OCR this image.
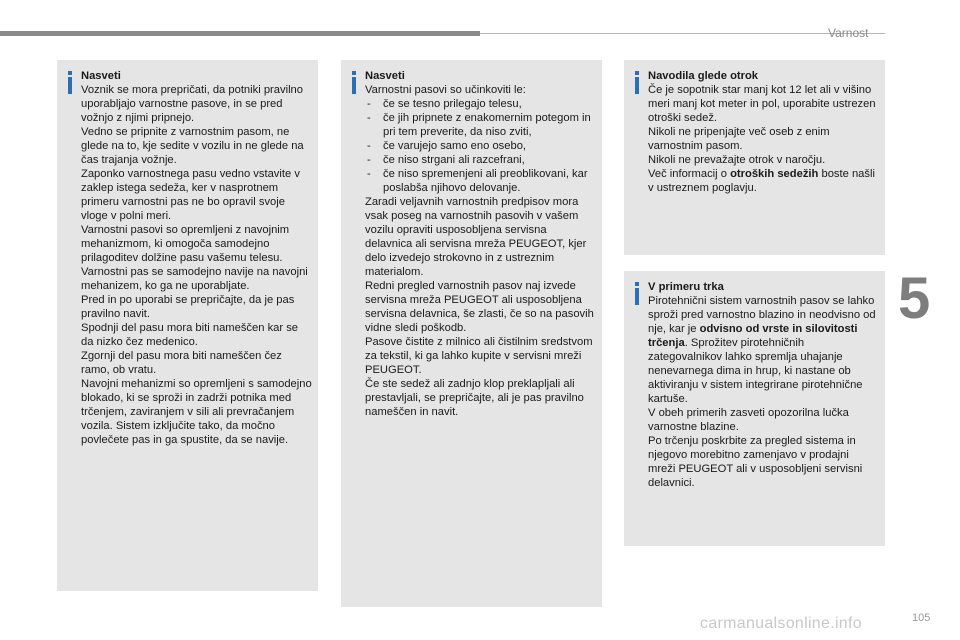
Varnost
5
carmanualsonline.info	105
Nasveti

Voznik se mora prepričati, da potniki pravilno uporabljajo varnostne pasove, in se pred vožnjo z njimi pripnejo.

Vedno se pripnite z varnostnim pasom, ne glede na to, kje sedite v vozilu in ne glede na čas trajanja vožnje.

Zaponko varnostnega pasu vedno vstavite v zaklep istega sedeža, ker v nasprotnem primeru varnostni pas ne bo opravil svoje vloge v polni meri.

Varnostni pasovi so opremljeni z navojnim mehanizmom, ki omogoča samodejno prilagoditev dolžine pasu vašemu telesu. Varnostni pas se samodejno navije na navojni mehanizem, ko ga ne uporabljate.

Pred in po uporabi se prepričajte, da je pas pravilno navit.

Spodnji del pasu mora biti nameščen kar se da nizko čez medenico.

Zgornji del pasu mora biti nameščen čez ramo, ob vratu.

Navojni mehanizmi so opremljeni s samodejno blokado, ki se sproži in zadrži potnika med trčenjem, zaviranjem v sili ali prevračanjem vozila. Sistem izključite tako, da močno povlečete pas in ga spustite, da se navije.

Nasveti

Varnostni pasovi so učinkoviti le:

- če se tesno prilegajo telesu,
- če jih pripnete z enakomernim potegom in pri tem preverite, da niso zviti,
- če varujejo samo eno osebo,
- če niso strgani ali razcefrani,
- če niso spremenjeni ali preoblikovani, kar poslabša njihovo delovanje.

Zaradi veljavnih varnostnih predpisov mora vsak poseg na varnostnih pasovih v vašem vozilu opraviti usposobljena servisna delavnica ali servisna mreža PEUGEOT, kjer delo izvedejo strokovno in z ustreznim materialom.

Redni pregled varnostnih pasov naj izvede servisna mreža PEUGEOT ali usposobljena servisna delavnica, še zlasti, če so na pasovih vidne sledi poškodb.

Pasove čistite z milnico ali čistilnim sredstvom za tekstil, ki ga lahko kupite v servisni mreži PEUGEOT.

Če ste sedež ali zadnjo klop preklapljali ali prestavljali, se prepričajte, ali je pas pravilno nameščen in navit.

Navodila glede otrok

Če je sopotnik star manj kot 12 let ali v višino meri manj kot meter in pol, uporabite ustrezen otroški sedež.

Nikoli ne pripenjajte več oseb z enim varnostnim pasom.

Nikoli ne prevažajte otrok v naročju.

Več informacij o otroških sedežih boste našli v ustreznem poglavju.

V primeru trka

Pirotehnični sistem varnostnih pasov se lahko sproži pred varnostno blazino in neodvisno od nje, kar je odvisno od vrste in silovitosti trčenja. Sprožitev pirotehničnih zategovalnikov lahko spremlja uhajanje nenevarnega dima in hrup, ki nastane ob aktiviranju v sistem integrirane pirotehnične kartuše.

V obeh primerih zasveti opozorilna lučka varnostne blazine.

Po trčenju poskrbite za pregled sistema in njegovo morebitno zamenjavo v prodajni mreži PEUGEOT ali v usposobljeni servisni delavnici.
